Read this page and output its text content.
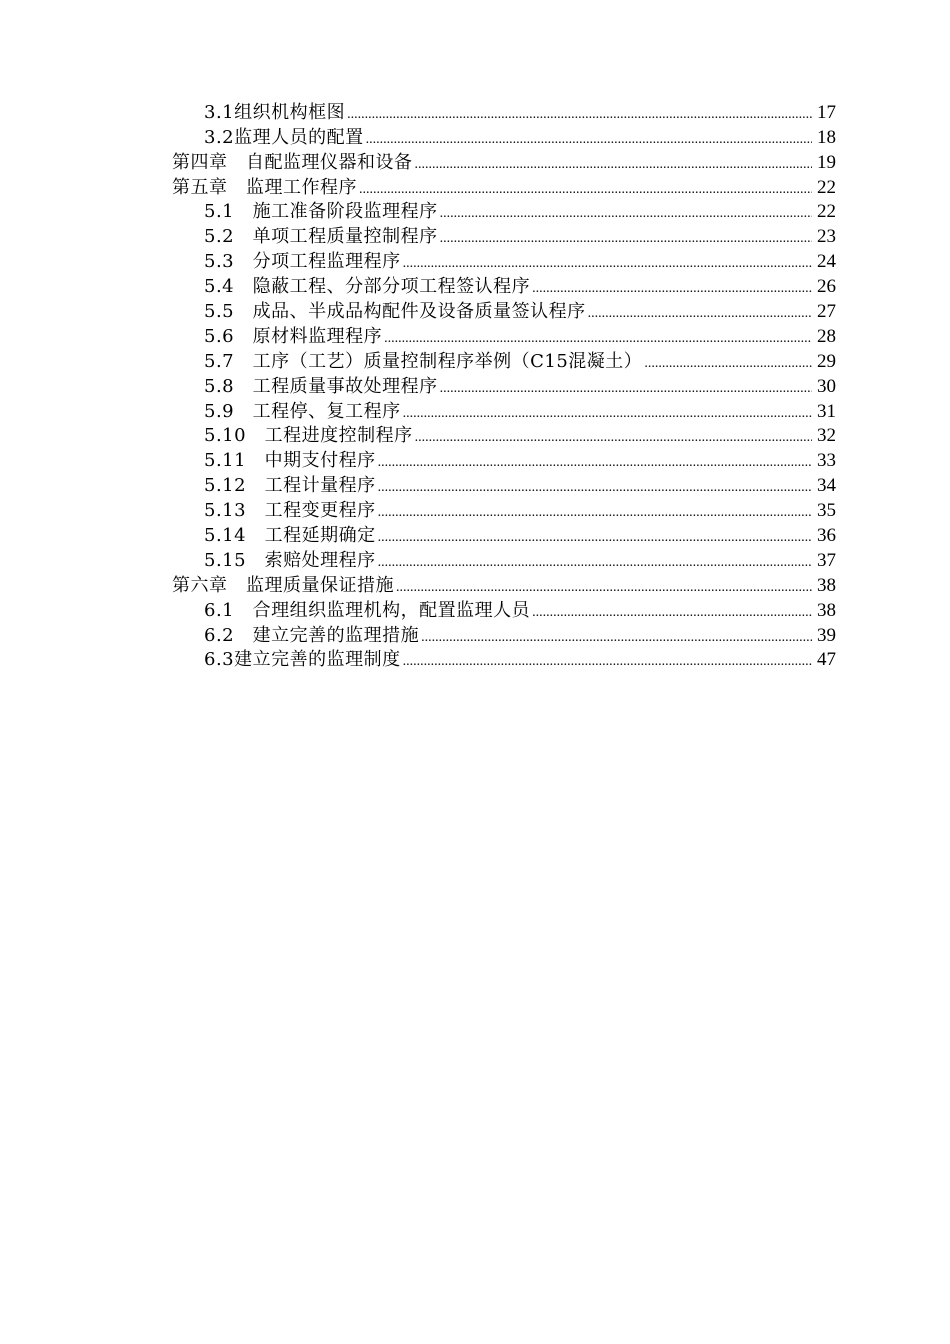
3.1组织机构框图 .....	17
3.2监理人员的配置 .....	18
第四章　自配监理仪器和设备 .....	19
第五章　监理工作程序 .....	22
5.1　施工准备阶段监理程序 .....	22
5.2　单项工程质量控制程序 .....	23
5.3　分项工程监理程序 .....	24
5.4　隐蔽工程、分部分项工程签认程序 .....	26
5.5　成品、半成品构配件及设备质量签认程序 .....	27
5.6　原材料监理程序 .....	28
5.7　工序（工艺）质量控制程序举例（C15混凝土） .....	29
5.8　工程质量事故处理程序 .....	30
5.9　工程停、复工程序 .....	31
5.10　工程进度控制程序 .....	32
5.11　中期支付程序 .....	33
5.12　工程计量程序 .....	34
5.13　工程变更程序 .....	35
5.14　工程延期确定 .....	36
5.15　索赔处理程序 .....	37
第六章　监理质量保证措施 .....	38
6.1　合理组织监理机构，配置监理人员 .....	38
6.2　建立完善的监理措施 .....	39
6.3建立完善的监理制度 .....	47
